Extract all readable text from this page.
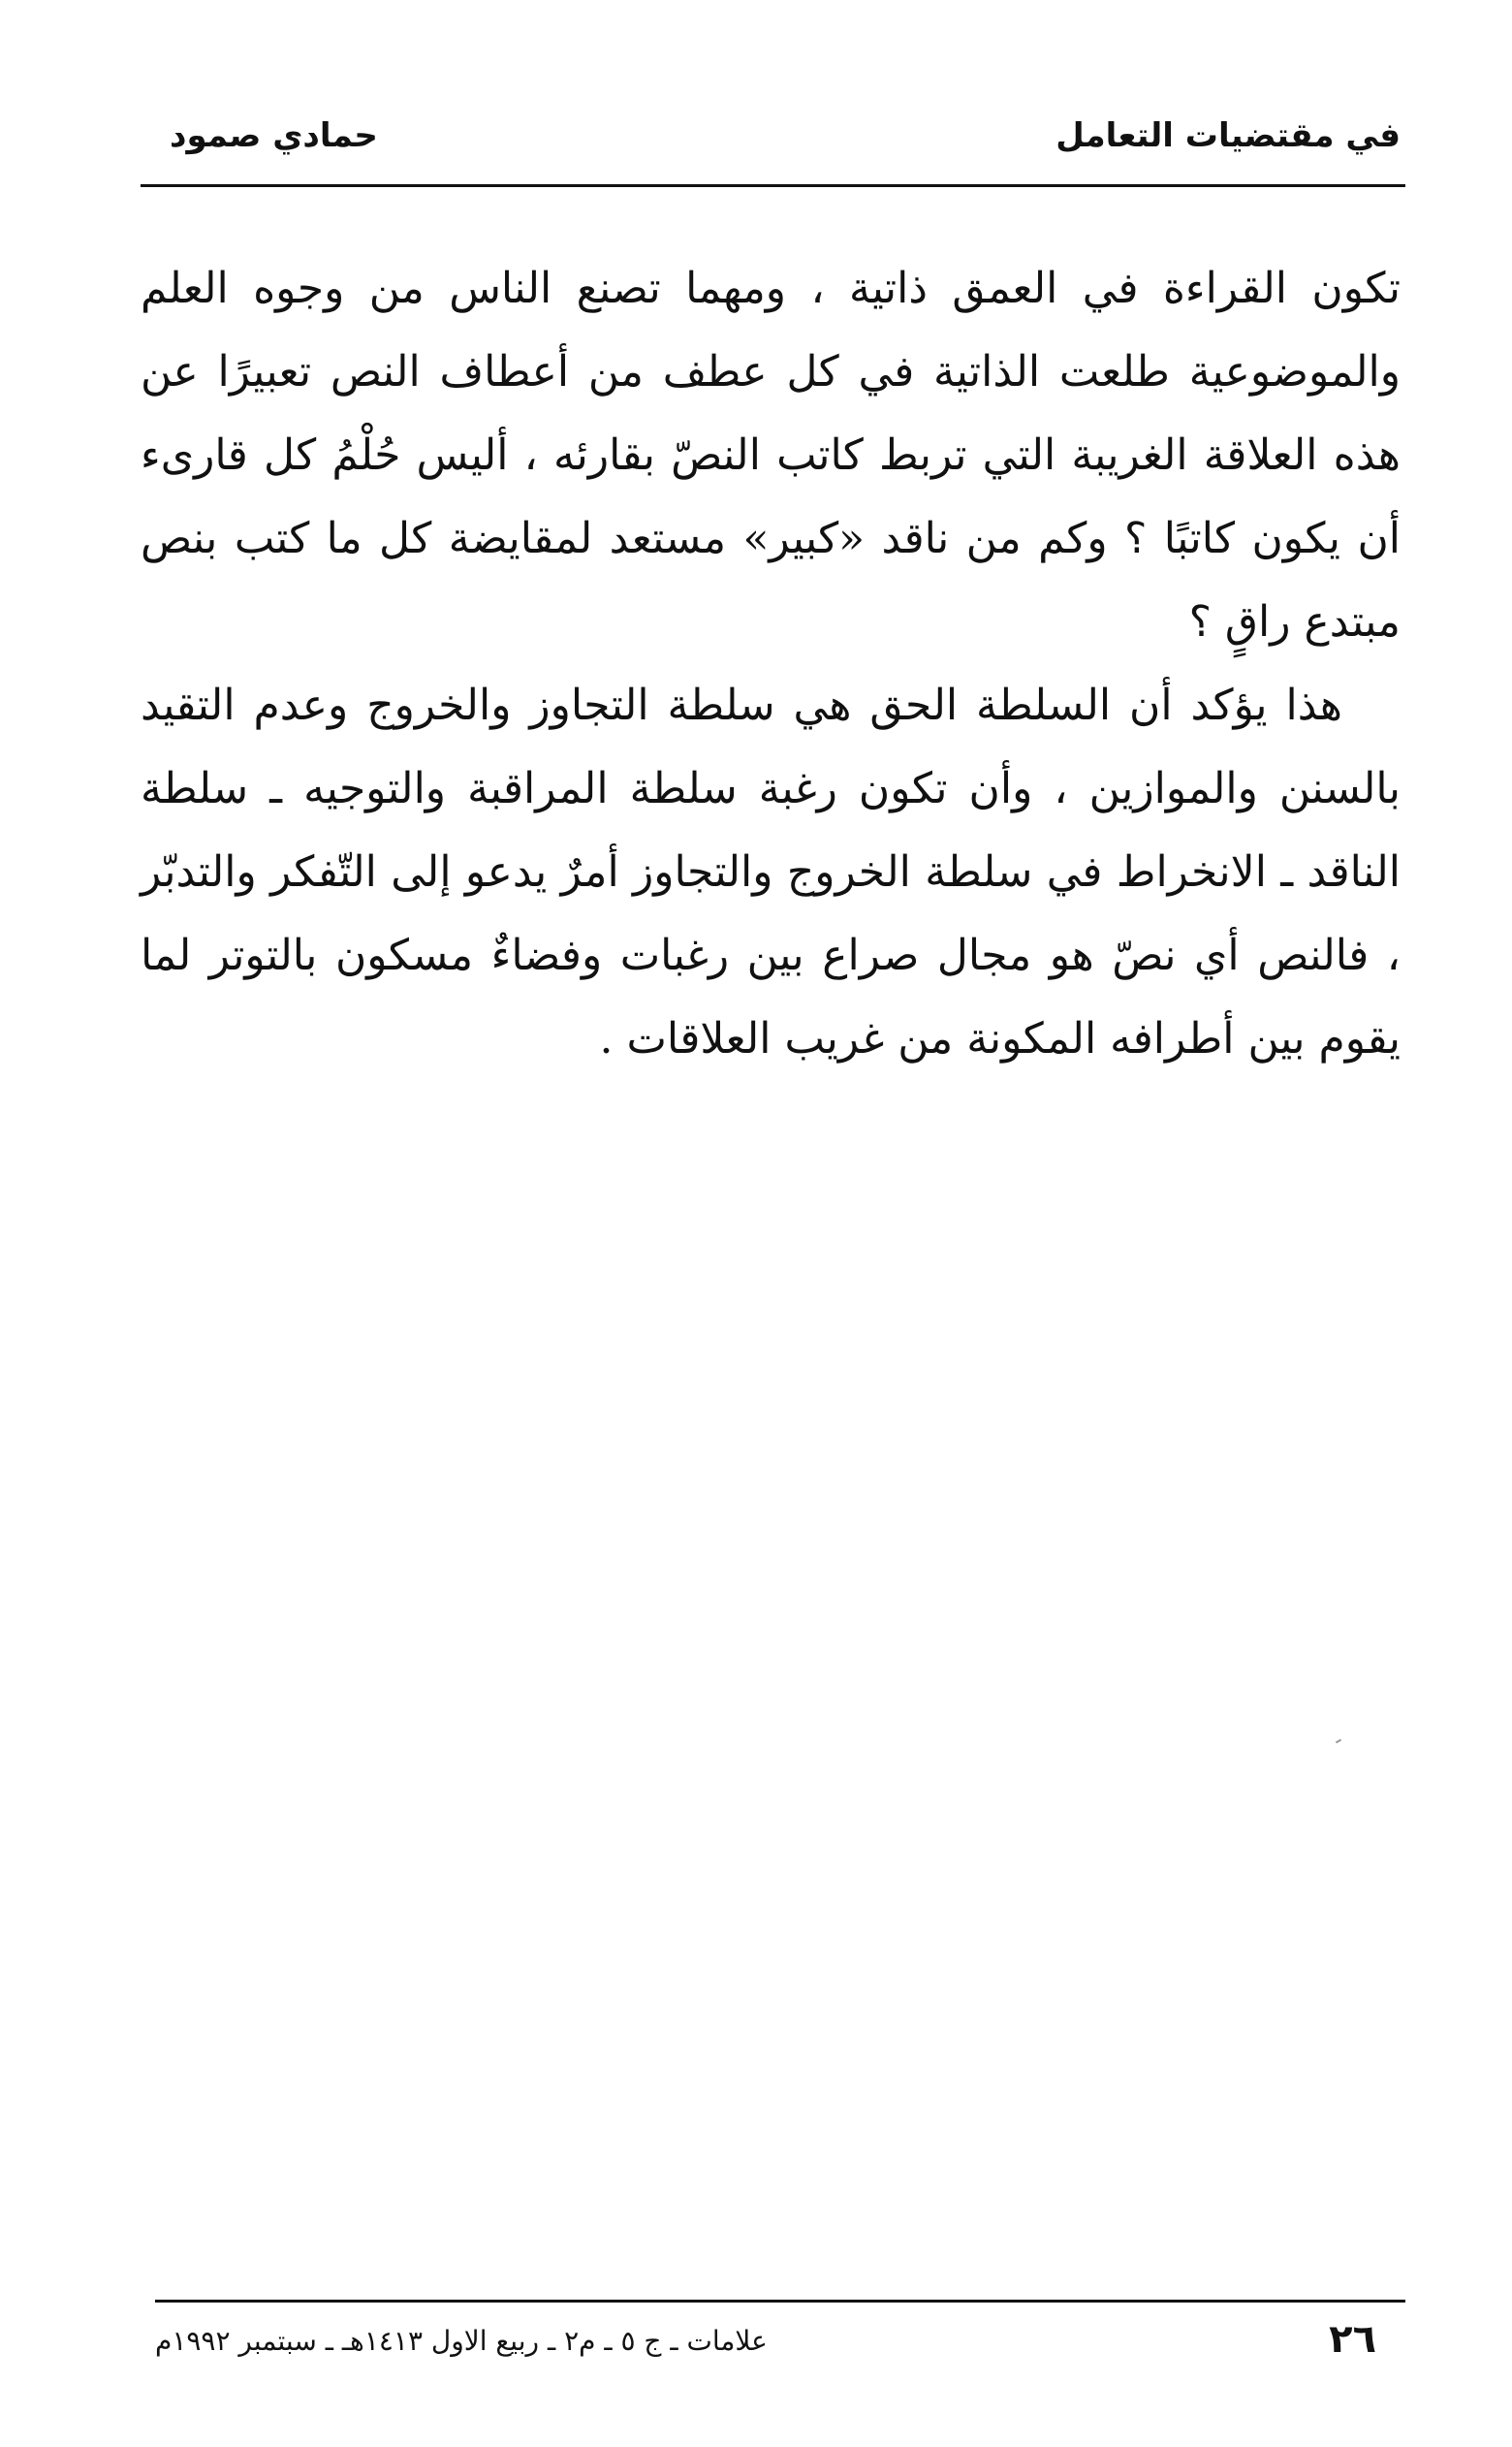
في مقتضيات التعامل
حمادي صمود

تكون القراءة في العمق ذاتية ، ومهما تصنع الناس من وجوه العلم والموضوعية طلعت الذاتية في كل عطف من أعطاف النص تعبيرًا عن هذه العلاقة الغريبة التي تربط كاتب النصّ بقارئه ، أليس حُلْمُ كل قارىء أن يكون كاتبًا ؟ وكم من ناقد «كبير» مستعد لمقايضة كل ما كتب بنص مبتدع راقٍ ؟

هذا يؤكد أن السلطة الحق هي سلطة التجاوز والخروج وعدم التقيد بالسنن والموازين ، وأن تكون رغبة سلطة المراقبة والتوجيه ـ سلطة الناقد ـ الانخراط في سلطة الخروج والتجاوز أمرٌ يدعو إلى التّفكر والتدبّر ، فالنص أي نصّ هو مجال صراع بين رغبات وفضاءٌ مسكون بالتوتر لما يقوم بين أطرافه المكونة من غريب العلاقات .

٢٦
علامات ـ ج ٥ ـ م٢ ـ ربيع الاول ١٤١٣هـ ـ سبتمبر ١٩٩٢م
